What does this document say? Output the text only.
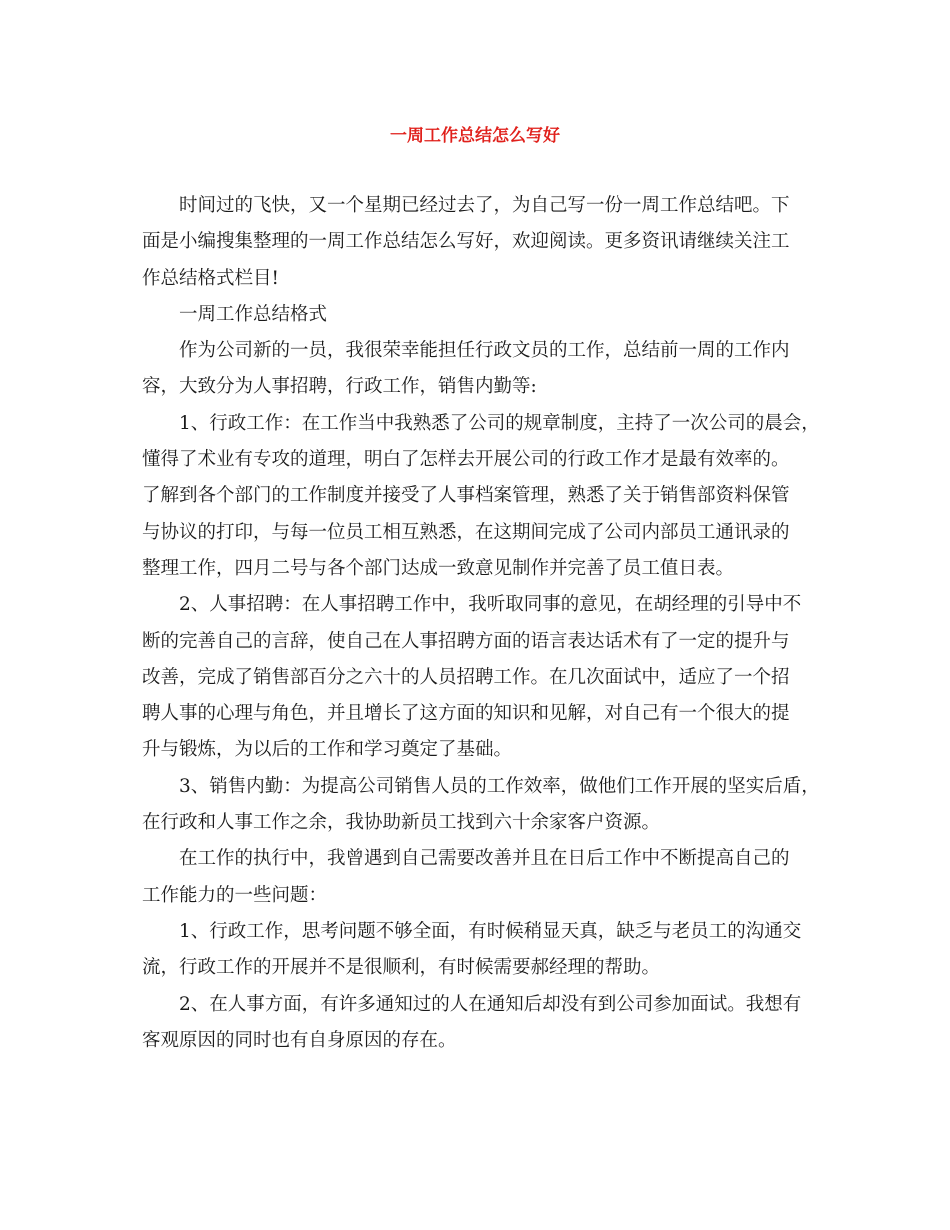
一周工作总结怎么写好
时间过的飞快，又一个星期已经过去了，为自己写一份一周工作总结吧。下
面是小编搜集整理的一周工作总结怎么写好，欢迎阅读。更多资讯请继续关注工
作总结格式栏目!
一周工作总结格式
作为公司新的一员，我很荣幸能担任行政文员的工作，总结前一周的工作内
容，大致分为人事招聘，行政工作，销售内勤等:
1、行政工作：在工作当中我熟悉了公司的规章制度，主持了一次公司的晨会，
懂得了术业有专攻的道理，明白了怎样去开展公司的行政工作才是最有效率的。
了解到各个部门的工作制度并接受了人事档案管理，熟悉了关于销售部资料保管
与协议的打印，与每一位员工相互熟悉，在这期间完成了公司内部员工通讯录的
整理工作，四月二号与各个部门达成一致意见制作并完善了员工值日表。
2、人事招聘：在人事招聘工作中，我听取同事的意见，在胡经理的引导中不
断的完善自己的言辞，使自己在人事招聘方面的语言表达话术有了一定的提升与
改善，完成了销售部百分之六十的人员招聘工作。在几次面试中，适应了一个招
聘人事的心理与角色，并且增长了这方面的知识和见解，对自己有一个很大的提
升与锻炼，为以后的工作和学习奠定了基础。
3、销售内勤：为提高公司销售人员的工作效率，做他们工作开展的坚实后盾，
在行政和人事工作之余，我协助新员工找到六十余家客户资源。
在工作的执行中，我曾遇到自己需要改善并且在日后工作中不断提高自己的
工作能力的一些问题：
1、行政工作，思考问题不够全面，有时候稍显天真，缺乏与老员工的沟通交
流，行政工作的开展并不是很顺利，有时候需要郝经理的帮助。
2、在人事方面，有许多通知过的人在通知后却没有到公司参加面试。我想有
客观原因的同时也有自身原因的存在。
